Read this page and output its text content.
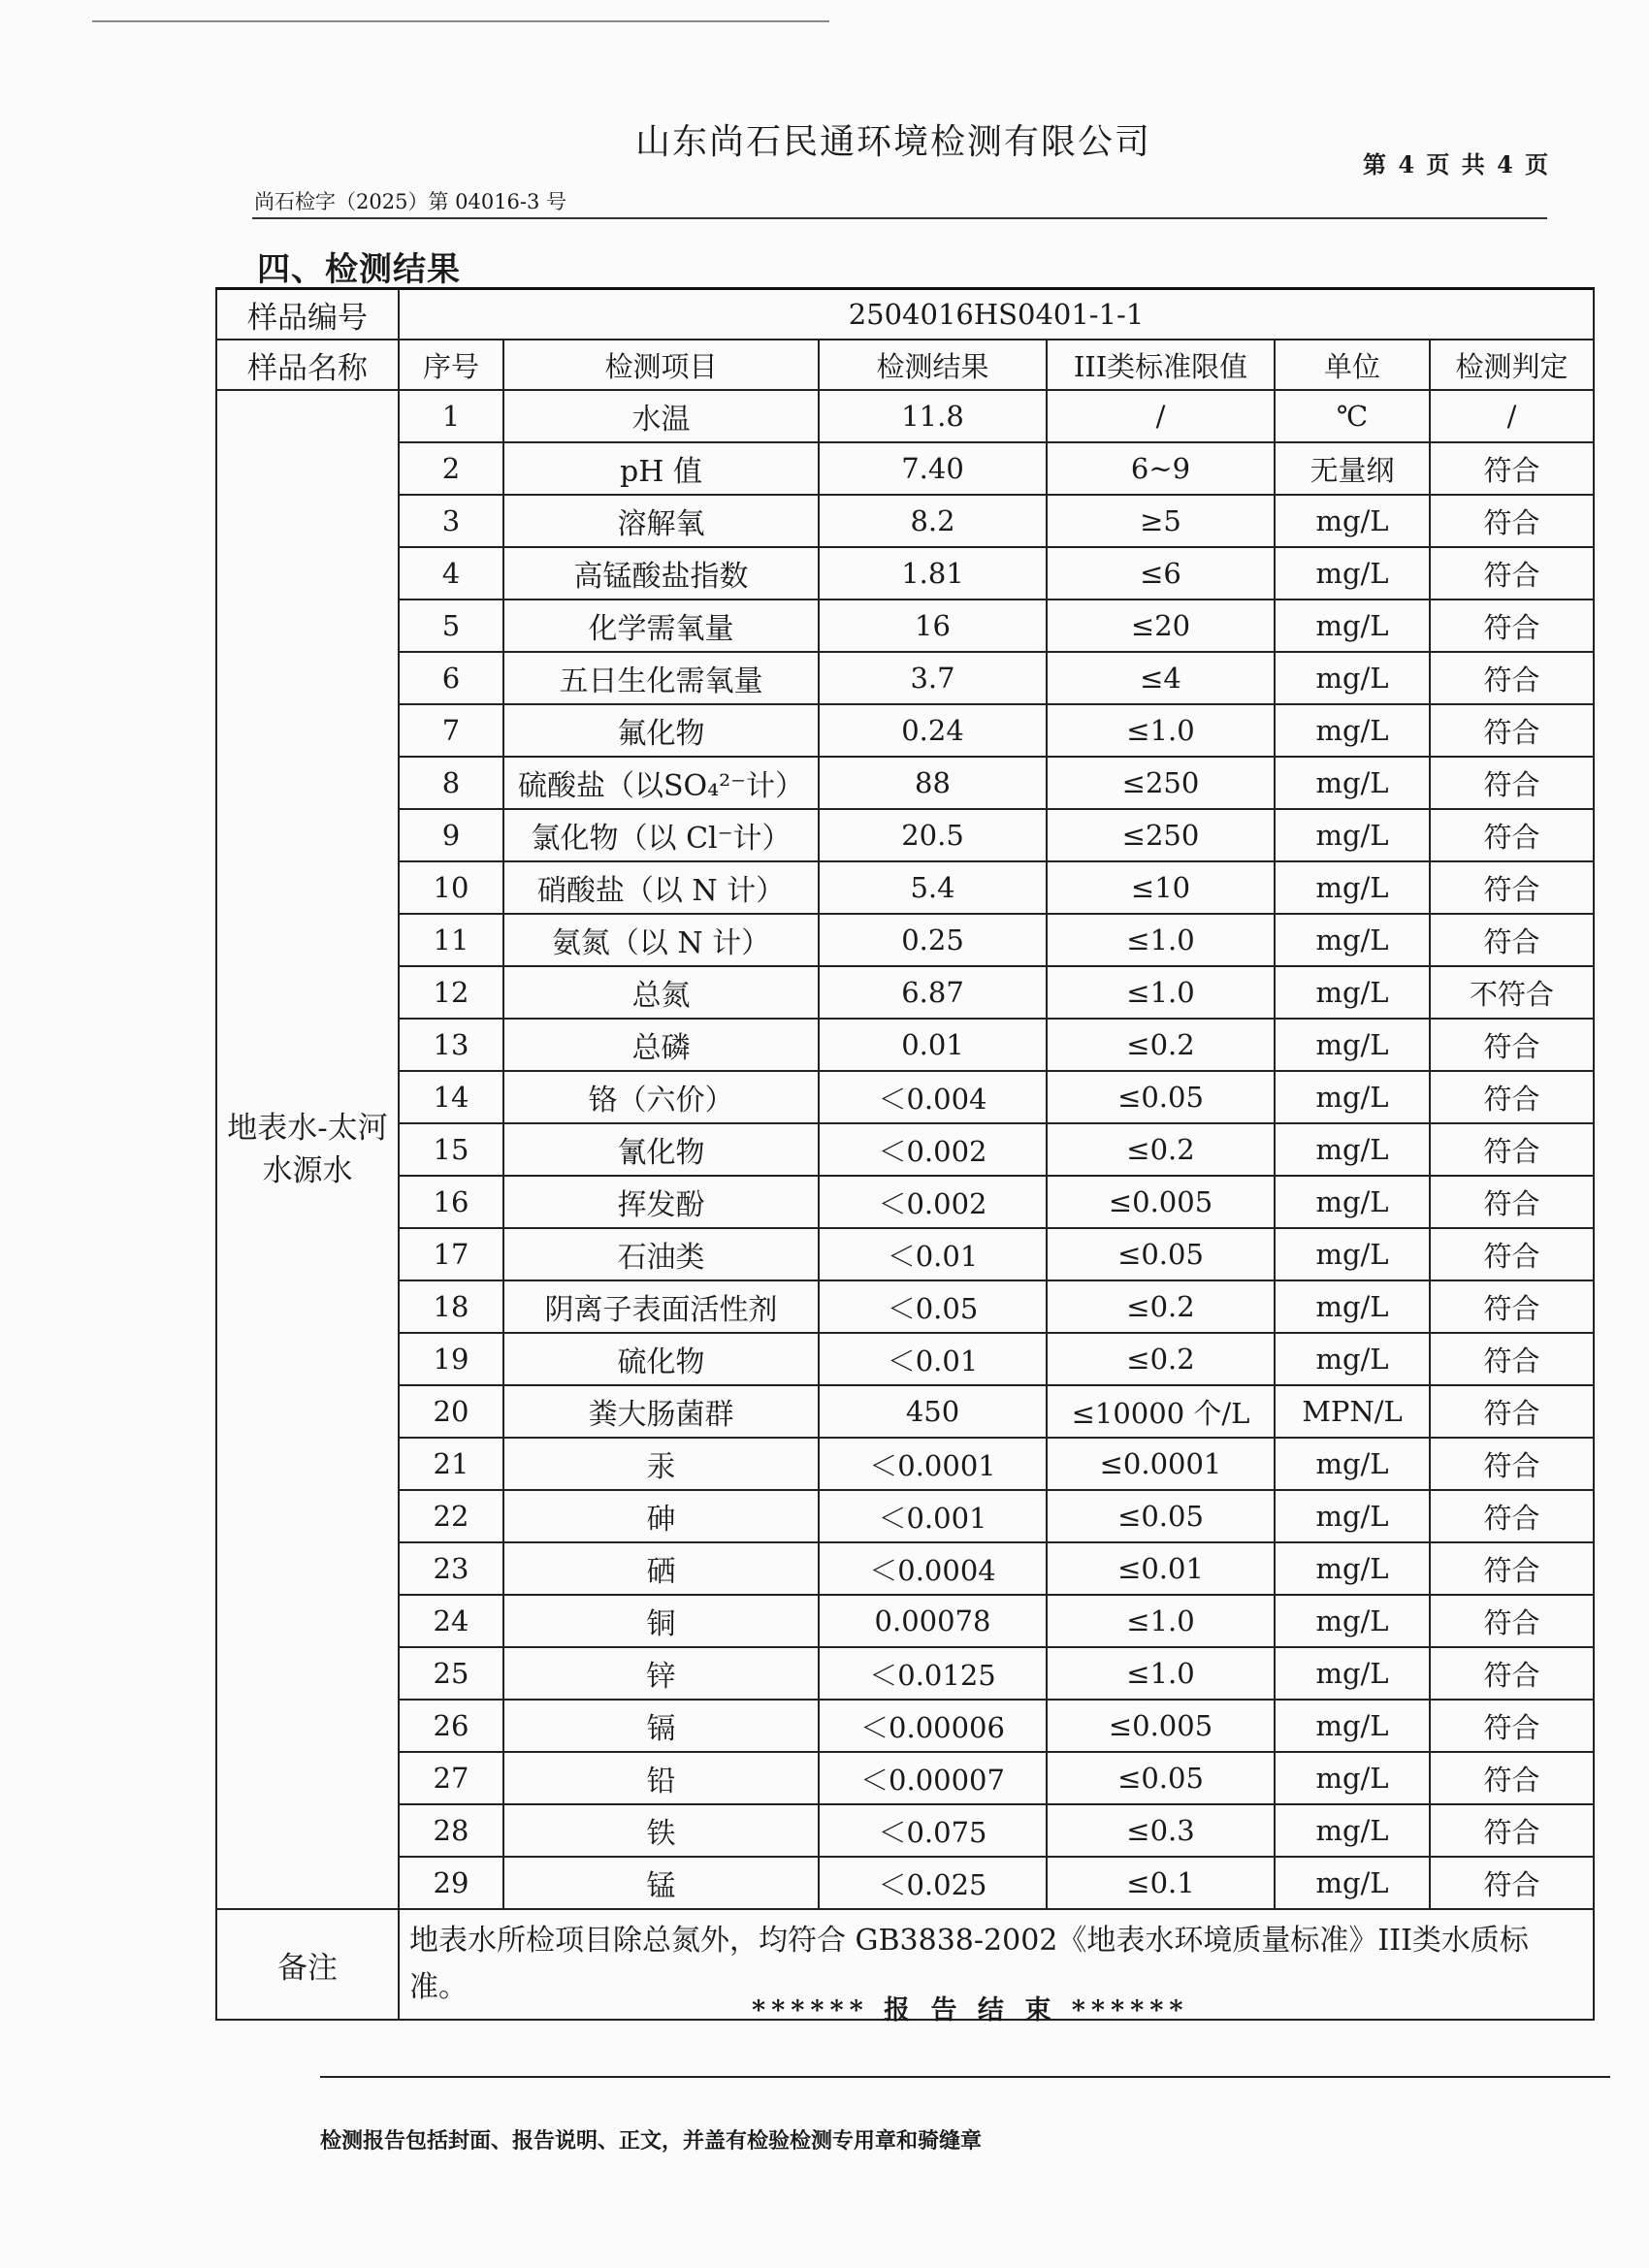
山东尚石民通环境检测有限公司
第 4 页 共 4 页
尚石检字（2025）第 04016-3 号
四、检测结果
样品编号	2504016HS0401-1-1					
样品名称	序号	检测项目	检测结果	III类标准限值	单位	检测判定
地表水-太河水源水	1	水温	11.8	/	℃	/
	2	pH 值	7.40	6~9	无量纲	符合
	3	溶解氧	8.2	≥5	mg/L	符合
	4	高锰酸盐指数	1.81	≤6	mg/L	符合
	5	化学需氧量	16	≤20	mg/L	符合
	6	五日生化需氧量	3.7	≤4	mg/L	符合
	7	氟化物	0.24	≤1.0	mg/L	符合
	8	硫酸盐（以SO₄²⁻计）	88	≤250	mg/L	符合
	9	氯化物（以 Cl⁻计）	20.5	≤250	mg/L	符合
	10	硝酸盐（以 N 计）	5.4	≤10	mg/L	符合
	11	氨氮（以 N 计）	0.25	≤1.0	mg/L	符合
	12	总氮	6.87	≤1.0	mg/L	不符合
	13	总磷	0.01	≤0.2	mg/L	符合
	14	铬（六价）	＜0.004	≤0.05	mg/L	符合
	15	氰化物	＜0.002	≤0.2	mg/L	符合
	16	挥发酚	＜0.002	≤0.005	mg/L	符合
	17	石油类	＜0.01	≤0.05	mg/L	符合
	18	阴离子表面活性剂	＜0.05	≤0.2	mg/L	符合
	19	硫化物	＜0.01	≤0.2	mg/L	符合
	20	粪大肠菌群	450	≤10000 个/L	MPN/L	符合
	21	汞	＜0.0001	≤0.0001	mg/L	符合
	22	砷	＜0.001	≤0.05	mg/L	符合
	23	硒	＜0.0004	≤0.01	mg/L	符合
	24	铜	0.00078	≤1.0	mg/L	符合
	25	锌	＜0.0125	≤1.0	mg/L	符合
	26	镉	＜0.00006	≤0.005	mg/L	符合
	27	铅	＜0.00007	≤0.05	mg/L	符合
	28	铁	＜0.075	≤0.3	mg/L	符合
	29	锰	＜0.025	≤0.1	mg/L	符合
备注	地表水所检项目除总氮外，均符合 GB3838-2002《地表水环境质量标准》III类水质标准。					
****** 报 告 结 束 ******
检测报告包括封面、报告说明、正文，并盖有检验检测专用章和骑缝章
